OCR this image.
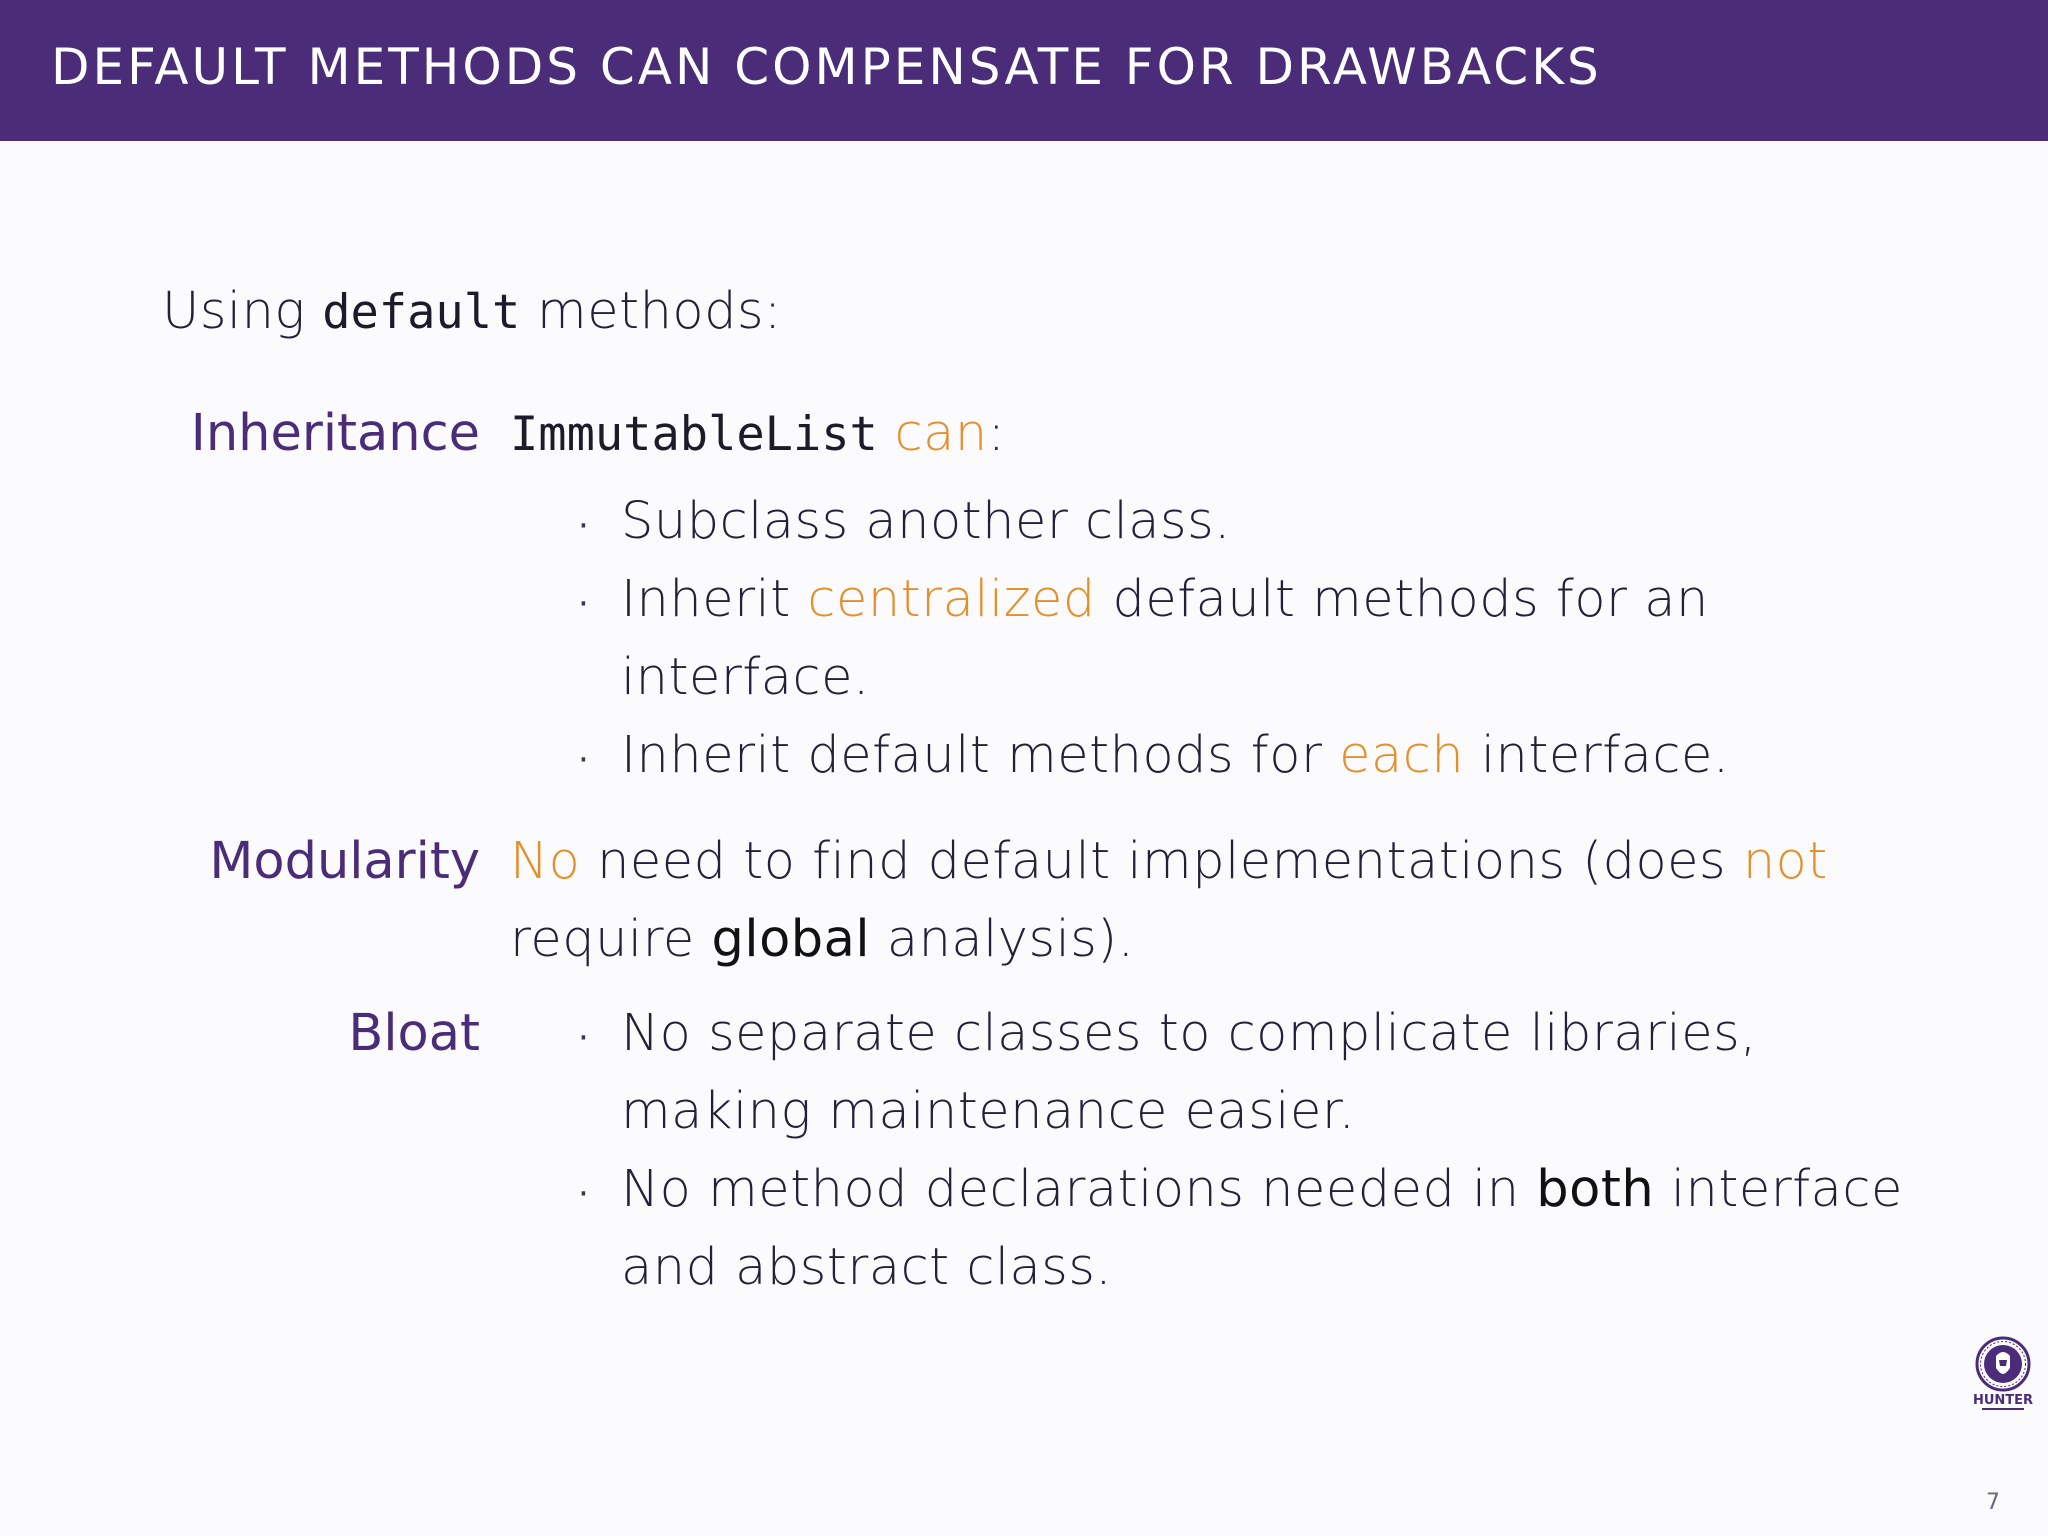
DEFAULT METHODS CAN COMPENSATE FOR DRAWBACKS
Using default methods:
Inheritance ImmutableList can:
· Subclass another class.
· Inherit centralized default methods for an
interface.
· Inherit default methods for each interface.
Modularity No need to find default implementations (does not
require global analysis).
Bloat	· No separate classes to complicate libraries,
making maintenance easier.
· No method declarations needed in both interface
and abstract class.
HUNTER
7
